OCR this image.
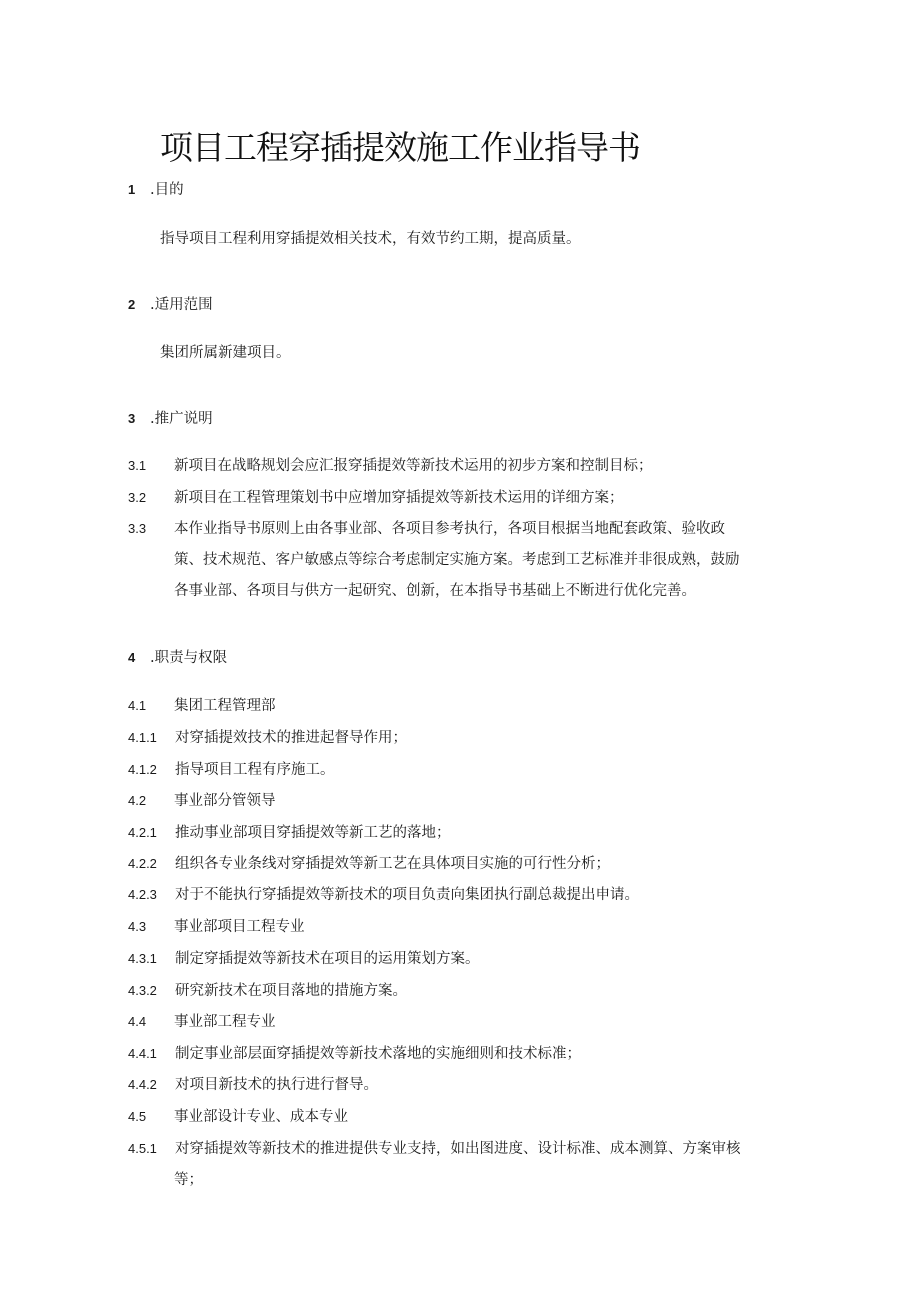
项目工程穿插提效施工作业指导书
1 .目的
指导项目工程利用穿插提效相关技术，有效节约工期，提高质量。
2 .适用范围
集团所属新建项目。
3 .推广说明
3.1 新项目在战略规划会应汇报穿插提效等新技术运用的初步方案和控制目标；
3.2 新项目在工程管理策划书中应增加穿插提效等新技术运用的详细方案；
3.3 本作业指导书原则上由各事业部、各项目参考执行，各项目根据当地配套政策、验收政
策、技术规范、客户敏感点等综合考虑制定实施方案。考虑到工艺标准并非很成熟，鼓励
各事业部、各项目与供方一起研究、创新，在本指导书基础上不断进行优化完善。
4 .职责与权限
4.1 集团工程管理部
4.1.1 对穿插提效技术的推进起督导作用；
4.1.2 指导项目工程有序施工。
4.2 事业部分管领导
4.2.1 推动事业部项目穿插提效等新工艺的落地；
4.2.2 组织各专业条线对穿插提效等新工艺在具体项目实施的可行性分析；
4.2.3 对于不能执行穿插提效等新技术的项目负责向集团执行副总裁提出申请。
4.3 事业部项目工程专业
4.3.1 制定穿插提效等新技术在项目的运用策划方案。
4.3.2 研究新技术在项目落地的措施方案。
4.4 事业部工程专业
4.4.1 制定事业部层面穿插提效等新技术落地的实施细则和技术标准；
4.4.2 对项目新技术的执行进行督导。
4.5 事业部设计专业、成本专业
4.5.1 对穿插提效等新技术的推进提供专业支持，如出图进度、设计标准、成本测算、方案审核
等；
